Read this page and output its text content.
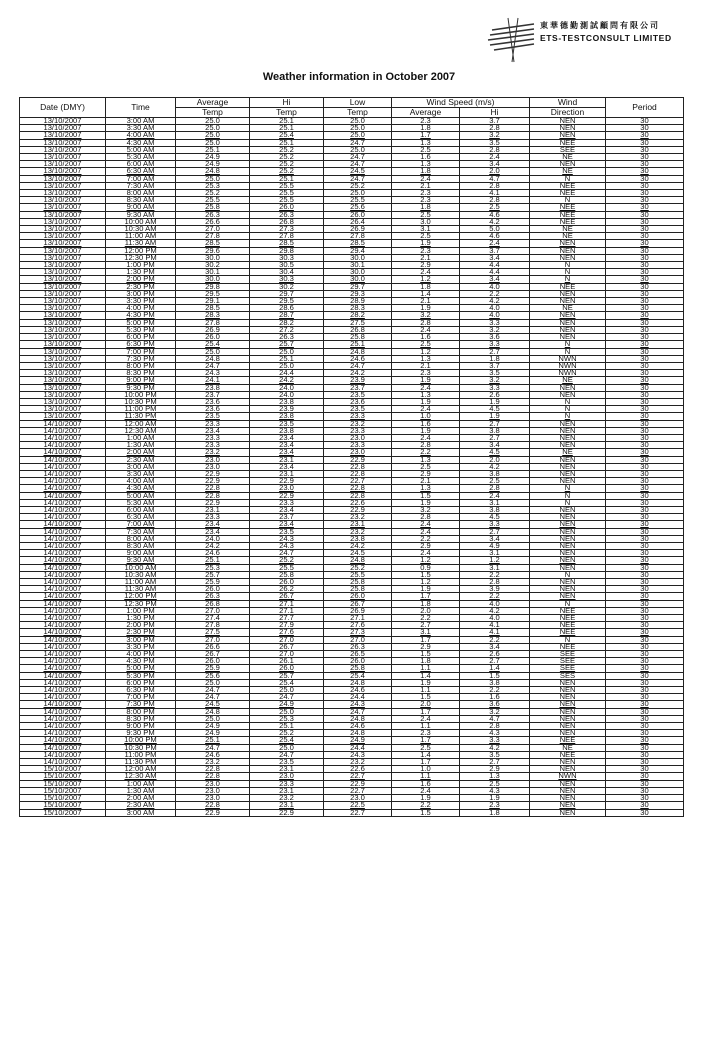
東華德勤測試顧問有限公司
ETS-TESTCONSULT LIMITED
Weather information in October 2007
Date (DMY)	Time	Average	Hi	Low	Wind Speed (m/s)		Wind	Period
		Temp	Temp	Temp	Average	Hi	Direction	
13/10/2007	3:00 AM	25.0	25.1	25.0	2.3	3.7	NEN	30
13/10/2007	3:30 AM	25.0	25.1	25.0	1.8	2.8	NEN	30
13/10/2007	4:00 AM	25.0	25.4	25.0	1.7	3.2	NEN	30
13/10/2007	4:30 AM	25.0	25.1	24.7	1.3	3.5	NEE	30
13/10/2007	5:00 AM	25.1	25.2	25.0	2.5	2.8	SEE	30
13/10/2007	5:30 AM	24.9	25.2	24.7	1.6	2.4	NE	30
13/10/2007	6:00 AM	24.9	25.2	24.7	1.3	3.4	NEN	30
13/10/2007	6:30 AM	24.8	25.2	24.5	1.8	2.0	NE	30
13/10/2007	7:00 AM	25.0	25.1	24.7	2.4	4.7	N	30
13/10/2007	7:30 AM	25.3	25.5	25.2	2.1	2.8	NEE	30
13/10/2007	8:00 AM	25.2	25.5	25.0	2.3	4.1	NEE	30
13/10/2007	8:30 AM	25.5	25.5	25.5	2.3	2.8	N	30
13/10/2007	9:00 AM	25.8	26.0	25.6	1.8	2.5	NEE	30
13/10/2007	9:30 AM	26.3	26.3	26.0	2.5	4.6	NEE	30
13/10/2007	10:00 AM	26.6	26.8	26.4	3.0	4.2	NEE	30
13/10/2007	10:30 AM	27.0	27.3	26.9	3.1	5.0	NE	30
13/10/2007	11:00 AM	27.8	27.8	27.8	2.5	4.6	NE	30
13/10/2007	11:30 AM	28.5	28.5	28.5	1.9	2.4	NEN	30
13/10/2007	12:00 PM	29.6	29.8	29.4	2.3	3.7	NEN	30
13/10/2007	12:30 PM	30.0	30.3	30.0	2.1	3.4	NEN	30
13/10/2007	1:00 PM	30.2	30.5	30.1	2.9	4.4	N	30
13/10/2007	1:30 PM	30.1	30.4	30.0	2.4	4.4	N	30
13/10/2007	2:00 PM	30.0	30.3	30.0	1.2	3.4	N	30
13/10/2007	2:30 PM	29.8	30.2	29.7	1.8	4.0	NEE	30
13/10/2007	3:00 PM	29.5	29.7	29.3	1.4	2.2	NEN	30
13/10/2007	3:30 PM	29.1	29.5	28.9	2.1	4.2	NEN	30
13/10/2007	4:00 PM	28.5	28.6	28.3	1.9	4.0	NE	30
13/10/2007	4:30 PM	28.3	28.7	28.2	3.2	4.0	NEN	30
13/10/2007	5:00 PM	27.8	28.2	27.5	2.8	3.3	NEN	30
13/10/2007	5:30 PM	26.9	27.2	26.8	2.4	3.2	NEN	30
13/10/2007	6:00 PM	26.0	26.3	25.8	1.6	3.6	NEN	30
13/10/2007	6:30 PM	25.4	25.7	25.1	2.5	3.3	N	30
13/10/2007	7:00 PM	25.0	25.0	24.8	1.2	2.7	N	30
13/10/2007	7:30 PM	24.8	25.1	24.6	1.3	1.8	NWN	30
13/10/2007	8:00 PM	24.7	25.0	24.7	2.1	3.7	NWN	30
13/10/2007	8:30 PM	24.3	24.4	24.2	2.3	3.5	NWN	30
13/10/2007	9:00 PM	24.1	24.2	23.9	1.9	3.2	NE	30
13/10/2007	9:30 PM	23.8	24.0	23.7	2.4	3.3	NEN	30
13/10/2007	10:00 PM	23.7	24.0	23.5	1.3	2.6	NEN	30
13/10/2007	10:30 PM	23.6	23.8	23.6	1.9	1.9	N	30
13/10/2007	11:00 PM	23.6	23.9	23.5	2.4	4.5	N	30
13/10/2007	11:30 PM	23.5	23.8	23.3	1.0	1.9	N	30
14/10/2007	12:00 AM	23.3	23.5	23.2	1.6	2.7	NEN	30
14/10/2007	12:30 AM	23.4	23.8	23.3	1.9	3.8	NEN	30
14/10/2007	1:00 AM	23.3	23.4	23.0	2.4	2.7	NEN	30
14/10/2007	1:30 AM	23.3	23.4	23.3	2.8	3.4	NEN	30
14/10/2007	2:00 AM	23.2	23.4	23.0	2.2	4.5	NE	30
14/10/2007	2:30 AM	23.0	23.1	22.9	1.3	2.0	NEN	30
14/10/2007	3:00 AM	23.0	23.4	22.8	2.5	4.2	NEN	30
14/10/2007	3:30 AM	22.9	23.1	22.8	2.9	3.8	NEN	30
14/10/2007	4:00 AM	22.9	22.9	22.7	2.1	2.5	NEN	30
14/10/2007	4:30 AM	22.8	23.0	22.8	1.3	2.8	N	30
14/10/2007	5:00 AM	22.8	22.9	22.8	1.5	2.4	N	30
14/10/2007	5:30 AM	22.9	23.3	22.6	1.9	3.1	N	30
14/10/2007	6:00 AM	23.1	23.4	22.9	3.2	3.8	NEN	30
14/10/2007	6:30 AM	23.3	23.7	23.2	2.8	4.5	NEN	30
14/10/2007	7:00 AM	23.4	23.4	23.1	2.4	3.3	NEN	30
14/10/2007	7:30 AM	23.4	23.5	23.2	2.4	2.7	NEN	30
14/10/2007	8:00 AM	24.0	24.3	23.8	2.2	3.4	NEN	30
14/10/2007	8:30 AM	24.2	24.3	24.2	2.9	4.9	NEN	30
14/10/2007	9:00 AM	24.6	24.7	24.5	2.4	3.1	NEN	30
14/10/2007	9:30 AM	25.1	25.2	24.8	1.2	1.2	NEN	30
14/10/2007	10:00 AM	25.3	25.5	25.2	0.9	3.1	NEN	30
14/10/2007	10:30 AM	25.7	25.8	25.5	1.5	2.2	N	30
14/10/2007	11:00 AM	25.9	26.0	25.8	1.2	2.8	NEN	30
14/10/2007	11:30 AM	26.0	26.2	25.8	1.9	3.9	NEN	30
14/10/2007	12:00 PM	26.3	26.7	26.0	1.7	2.2	NEN	30
14/10/2007	12:30 PM	26.8	27.1	26.7	1.8	4.0	N	30
14/10/2007	1:00 PM	27.0	27.1	26.9	2.0	4.2	NEE	30
14/10/2007	1:30 PM	27.4	27.7	27.1	2.2	4.0	NEE	30
14/10/2007	2:00 PM	27.8	27.9	27.6	2.7	4.1	NEE	30
14/10/2007	2:30 PM	27.5	27.6	27.3	3.1	4.1	NEE	30
14/10/2007	3:00 PM	27.0	27.0	27.0	1.7	2.2	N	30
14/10/2007	3:30 PM	26.6	26.7	26.3	2.9	3.4	NEE	30
14/10/2007	4:00 PM	26.7	27.0	26.5	1.5	2.6	SEE	30
14/10/2007	4:30 PM	26.0	26.1	26.0	1.8	2.7	SEE	30
14/10/2007	5:00 PM	25.9	26.0	25.8	1.1	1.4	SEE	30
14/10/2007	5:30 PM	25.6	25.7	25.4	1.4	1.5	SES	30
14/10/2007	6:00 PM	25.0	25.4	24.8	1.9	3.8	NEN	30
14/10/2007	6:30 PM	24.7	25.0	24.6	1.1	2.2	NEN	30
14/10/2007	7:00 PM	24.7	24.7	24.4	1.5	1.6	NEN	30
14/10/2007	7:30 PM	24.5	24.9	24.3	2.0	3.6	NEN	30
14/10/2007	8:00 PM	24.8	25.0	24.7	1.7	3.2	NEN	30
14/10/2007	8:30 PM	25.0	25.3	24.8	2.4	4.7	NEN	30
14/10/2007	9:00 PM	24.9	25.1	24.6	1.1	2.8	NEN	30
14/10/2007	9:30 PM	24.9	25.2	24.8	2.3	4.3	NEN	30
14/10/2007	10:00 PM	25.1	25.4	24.9	1.7	3.3	NEE	30
14/10/2007	10:30 PM	24.7	25.0	24.4	2.5	4.2	NE	30
14/10/2007	11:00 PM	24.6	24.7	24.3	1.4	3.5	NEE	30
14/10/2007	11:30 PM	23.2	23.5	23.2	1.7	2.7	NEN	30
15/10/2007	12:00 AM	22.8	23.1	22.6	1.0	2.9	NEN	30
15/10/2007	12:30 AM	22.8	23.0	22.7	1.1	1.3	NWN	30
15/10/2007	1:00 AM	23.0	23.3	22.9	1.6	2.5	NEN	30
15/10/2007	1:30 AM	23.0	23.1	22.7	2.4	4.3	NEN	30
15/10/2007	2:00 AM	23.0	23.2	23.0	1.9	1.9	NEN	30
15/10/2007	2:30 AM	22.8	23.1	22.5	2.2	2.3	NEN	30
15/10/2007	3:00 AM	22.9	22.9	22.7	1.5	1.8	NEN	30
